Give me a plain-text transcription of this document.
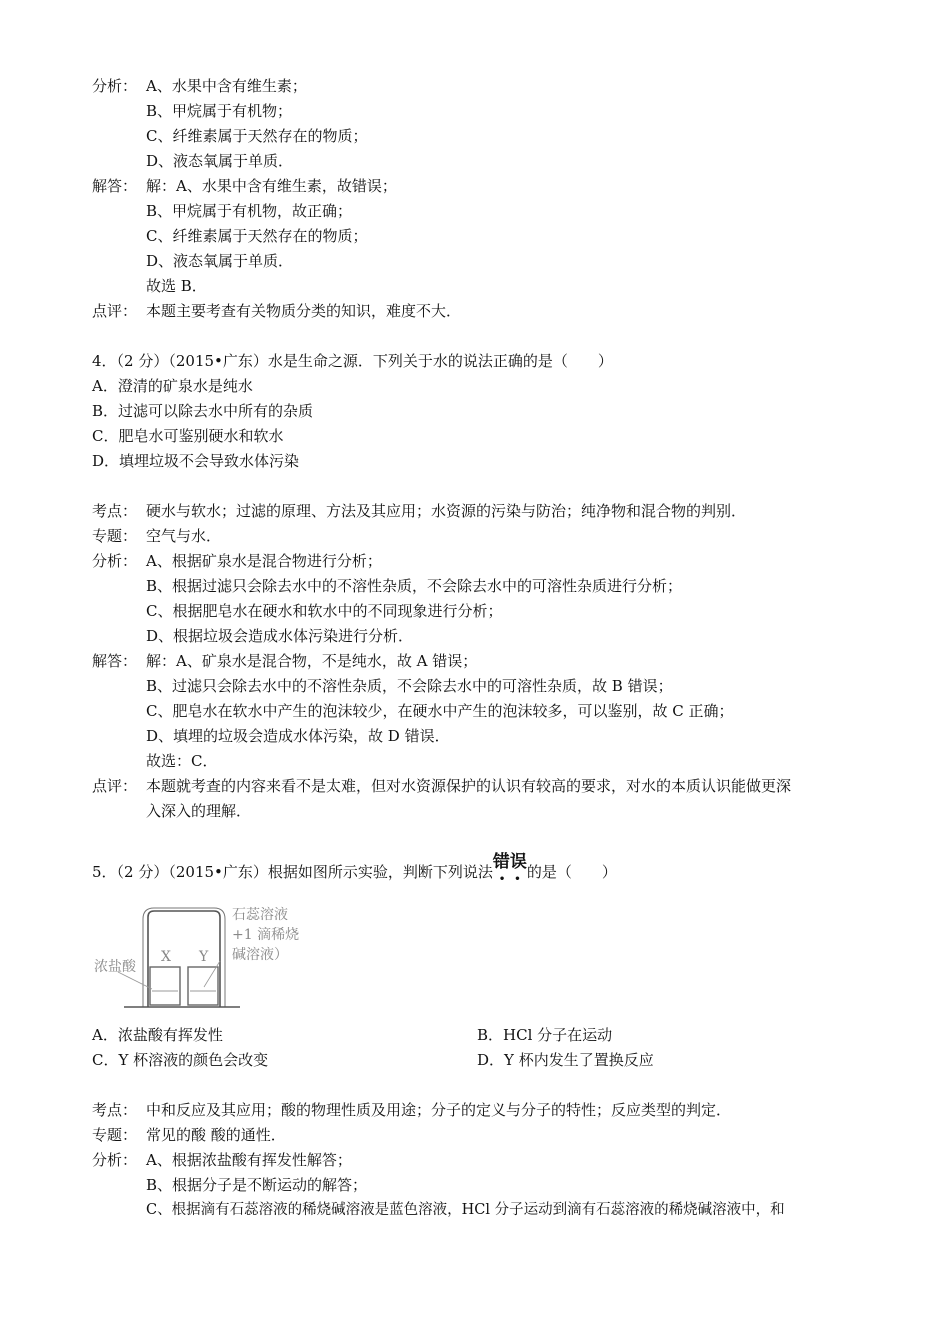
分析： A、水果中含有维生素；
B、甲烷属于有机物；
C、纤维素属于天然存在的物质；
D、液态氧属于单质．
解答： 解：A、水果中含有维生素，故错误；
B、甲烷属于有机物，故正确；
C、纤维素属于天然存在的物质；
D、液态氧属于单质．
故选 B．
点评： 本题主要考查有关物质分类的知识，难度不大．
4．（2 分）（2015•广东）水是生命之源．下列关于水的说法正确的是（　　）
A．澄清的矿泉水是纯水
B．过滤可以除去水中所有的杂质
C．肥皂水可鉴别硬水和软水
D．填埋垃圾不会导致水体污染
考点： 硬水与软水；过滤的原理、方法及其应用；水资源的污染与防治；纯净物和混合物的判别．
专题： 空气与水．
分析： A、根据矿泉水是混合物进行分析；
B、根据过滤只会除去水中的不溶性杂质，不会除去水中的可溶性杂质进行分析；
C、根据肥皂水在硬水和软水中的不同现象进行分析；
D、根据垃圾会造成水体污染进行分析．
解答： 解：A、矿泉水是混合物，不是纯水，故 A 错误；
B、过滤只会除去水中的不溶性杂质，不会除去水中的可溶性杂质，故 B 错误；
C、肥皂水在软水中产生的泡沫较少，在硬水中产生的泡沫较多，可以鉴别，故 C 正确；
D、填埋的垃圾会造成水体污染，故 D 错误．
故选：C．
点评： 本题就考查的内容来看不是太难，但对水资源保护的认识有较高的要求，对水的本质认识能做更深
入深入的理解．
5．（2 分）（2015•广东）根据如图所示实验，判断下列说法错误
••
的是（　　）
浓盐酸
X Y
石蕊溶液
+1 滴稀烧
碱溶液）
A．浓盐酸有挥发性	B．HCl 分子在运动
C．Y 杯溶液的颜色会改变	D．Y 杯内发生了置换反应
考点： 中和反应及其应用；酸的物理性质及用途；分子的定义与分子的特性；反应类型的判定．
专题： 常见的酸 酸的通性．
分析： A、根据浓盐酸有挥发性解答；
B、根据分子是不断运动的解答；
C、根据滴有石蕊溶液的稀烧碱溶液是蓝色溶液，HCl 分子运动到滴有石蕊溶液的稀烧碱溶液中，和
